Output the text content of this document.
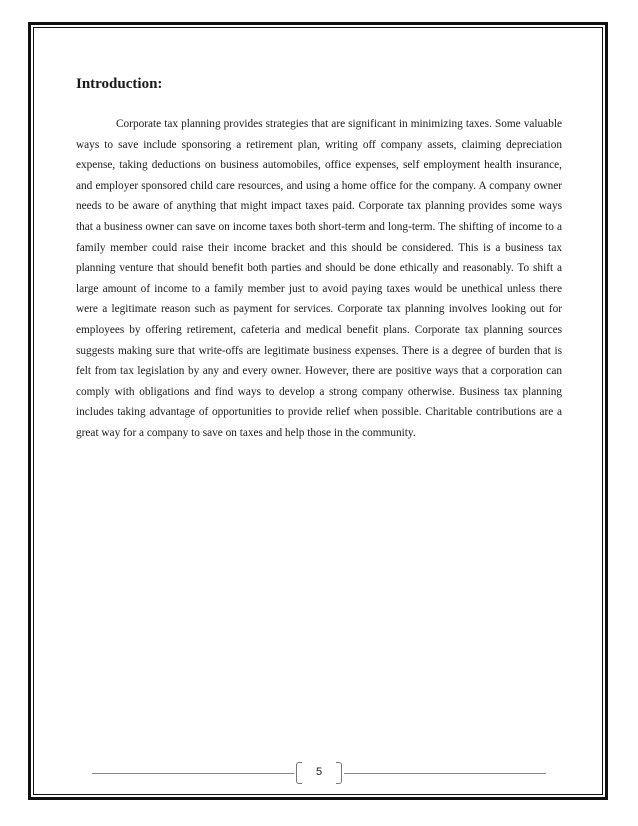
Introduction:

Corporate tax planning provides strategies that are significant in minimizing taxes. Some valuable ways to save include sponsoring a retirement plan, writing off company assets, claiming depreciation expense, taking deductions on business automobiles, office expenses, self employment health insurance, and employer sponsored child care resources, and using a home office for the company. A company owner needs to be aware of anything that might impact taxes paid. Corporate tax planning provides some ways that a business owner can save on income taxes both short-term and long-term. The shifting of income to a family member could raise their income bracket and this should be considered. This is a business tax planning venture that should benefit both parties and should be done ethically and reasonably. To shift a large amount of income to a family member just to avoid paying taxes would be unethical unless there were a legitimate reason such as payment for services. Corporate tax planning involves looking out for employees by offering retirement, cafeteria and medical benefit plans. Corporate tax planning sources suggests making sure that write-offs are legitimate business expenses. There is a degree of burden that is felt from tax legislation by any and every owner. However, there are positive ways that a corporation can comply with obligations and find ways to develop a strong company otherwise. Business tax planning includes taking advantage of opportunities to provide relief when possible. Charitable contributions are a great way for a company to save on taxes and help those in the community.

5
